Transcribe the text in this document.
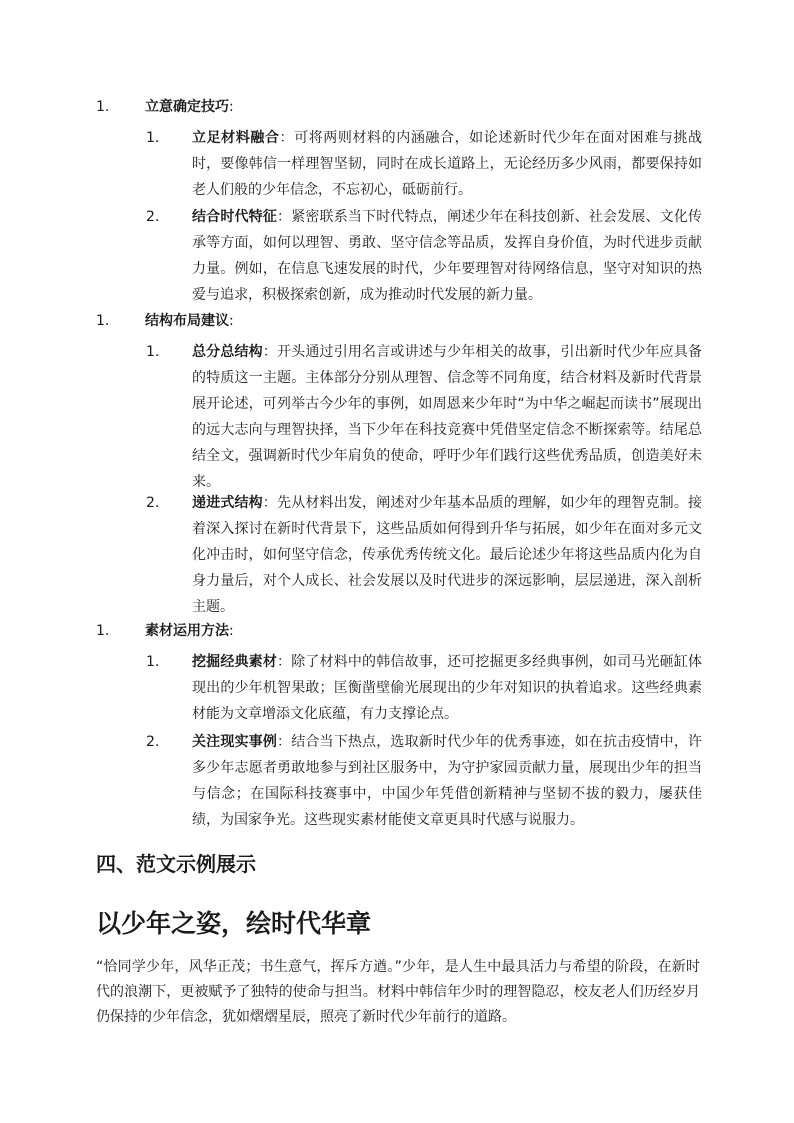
1.	立意确定技巧:
1.	立足材料融合：可将两则材料的内涵融合，如论述新时代少年在面对困难与挑战时，要像韩信一样理智坚韧，同时在成长道路上，无论经历多少风雨，都要保持如老人们般的少年信念，不忘初心，砥砺前行。
2.	结合时代特征：紧密联系当下时代特点，阐述少年在科技创新、社会发展、文化传承等方面，如何以理智、勇敢、坚守信念等品质，发挥自身价值，为时代进步贡献力量。例如，在信息飞速发展的时代，少年要理智对待网络信息，坚守对知识的热爱与追求，积极探索创新，成为推动时代发展的新力量。
1.	结构布局建议:
1.	总分总结构：开头通过引用名言或讲述与少年相关的故事，引出新时代少年应具备的特质这一主题。主体部分分别从理智、信念等不同角度，结合材料及新时代背景展开论述，可列举古今少年的事例，如周恩来少年时“为中华之崛起而读书”展现出的远大志向与理智抉择，当下少年在科技竞赛中凭借坚定信念不断探索等。结尾总结全文，强调新时代少年肩负的使命，呼吁少年们践行这些优秀品质，创造美好未来。
2.	递进式结构：先从材料出发，阐述对少年基本品质的理解，如少年的理智克制。接着深入探讨在新时代背景下，这些品质如何得到升华与拓展，如少年在面对多元文化冲击时，如何坚守信念，传承优秀传统文化。最后论述少年将这些品质内化为自身力量后，对个人成长、社会发展以及时代进步的深远影响，层层递进，深入剖析主题。
1.	素材运用方法:
1.	挖掘经典素材：除了材料中的韩信故事，还可挖掘更多经典事例，如司马光砸缸体现出的少年机智果敢；匡衡凿壁偷光展现出的少年对知识的执着追求。这些经典素材能为文章增添文化底蕴，有力支撑论点。
2.	关注现实事例：结合当下热点，选取新时代少年的优秀事迹，如在抗击疫情中，许多少年志愿者勇敢地参与到社区服务中，为守护家园贡献力量，展现出少年的担当与信念；在国际科技赛事中，中国少年凭借创新精神与坚韧不拔的毅力，屡获佳绩，为国家争光。这些现实素材能使文章更具时代感与说服力。
四、范文示例展示
以少年之姿，绘时代华章
“恰同学少年，风华正茂；书生意气，挥斥方遒。”少年，是人生中最具活力与希望的阶段，在新时代的浪潮下，更被赋予了独特的使命与担当。材料中韩信年少时的理智隐忍，校友老人们历经岁月仍保持的少年信念，犹如熠熠星辰，照亮了新时代少年前行的道路。
